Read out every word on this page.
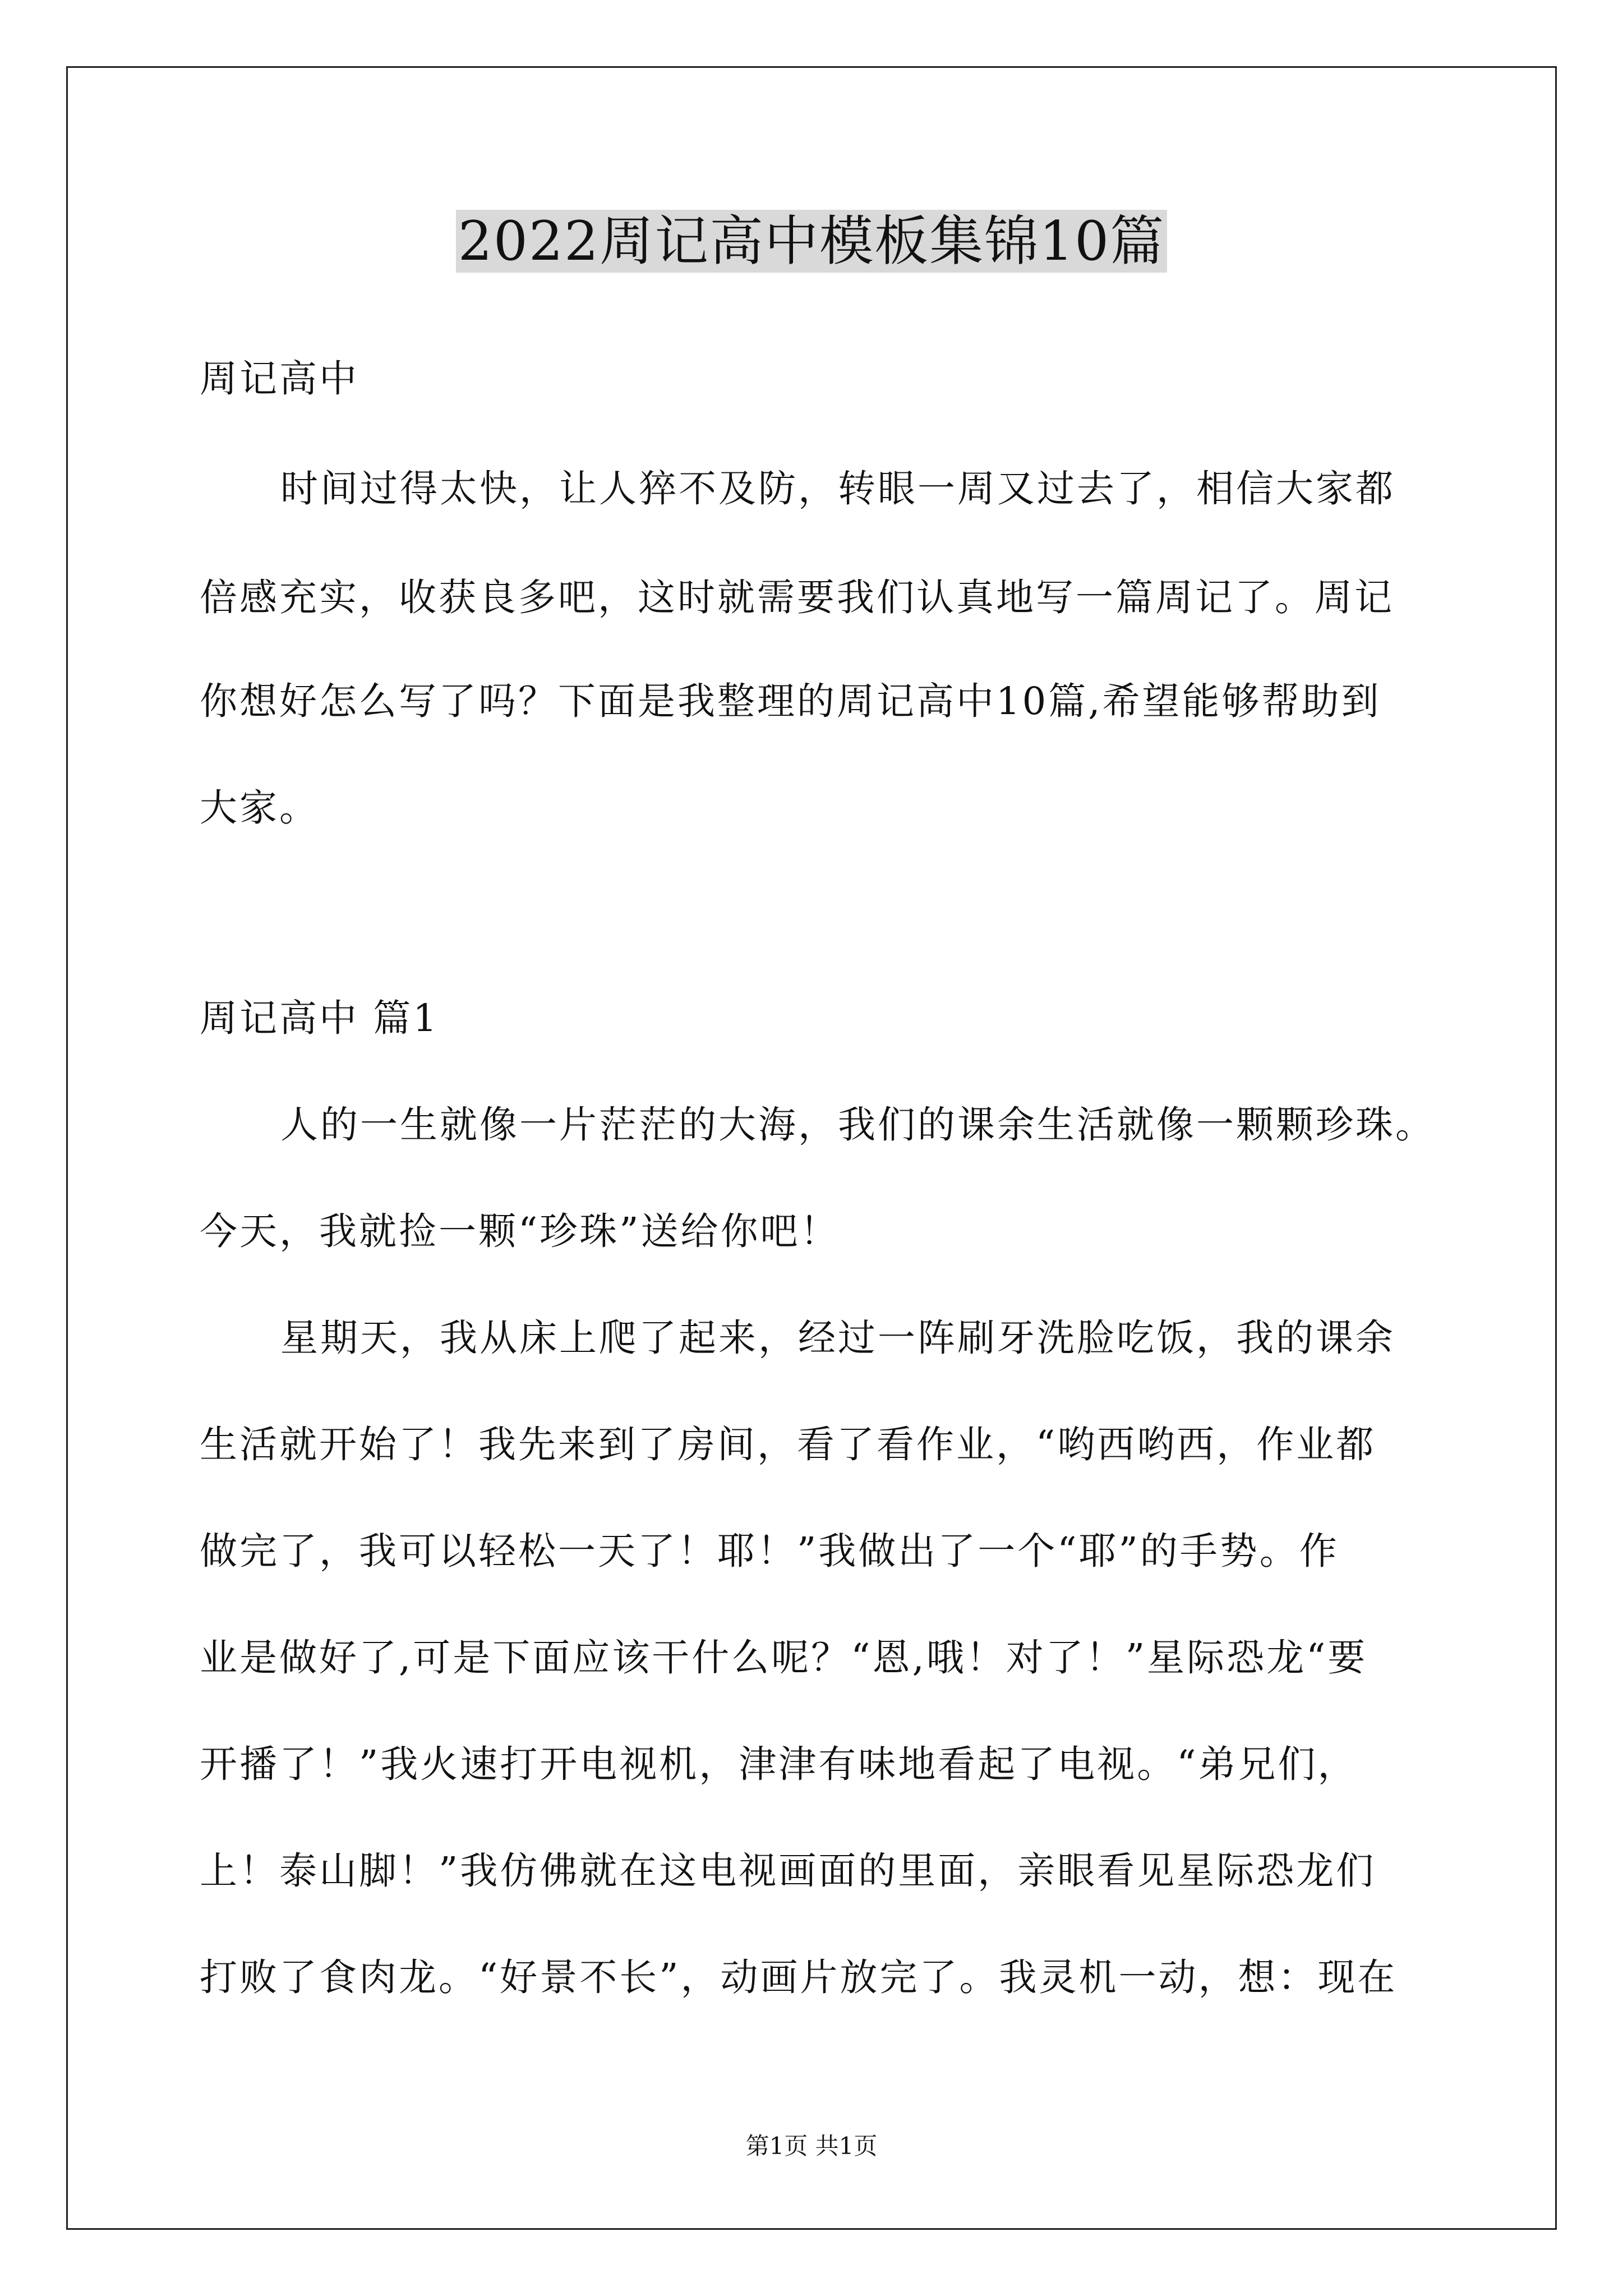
2022周记高中模板集锦10篇
周记高中
时间过得太快，让人猝不及防，转眼一周又过去了，相信大家都
倍感充实，收获良多吧，这时就需要我们认真地写一篇周记了。周记
你想好怎么写了吗？下面是我整理的周记高中10篇,希望能够帮助到
大家。
周记高中 篇1
人的一生就像一片茫茫的大海，我们的课余生活就像一颗颗珍珠。
今天，我就捡一颗“珍珠”送给你吧！
星期天，我从床上爬了起来，经过一阵刷牙洗脸吃饭，我的课余
生活就开始了！我先来到了房间，看了看作业，“哟西哟西，作业都
做完了，我可以轻松一天了！耶！”我做出了一个“耶”的手势。作
业是做好了,可是下面应该干什么呢？“恩,哦！对了！”星际恐龙“要
开播了！”我火速打开电视机，津津有味地看起了电视。“弟兄们，
上！泰山脚！”我仿佛就在这电视画面的里面，亲眼看见星际恐龙们
打败了食肉龙。“好景不长”，动画片放完了。我灵机一动，想：现在
第1页 共1页
